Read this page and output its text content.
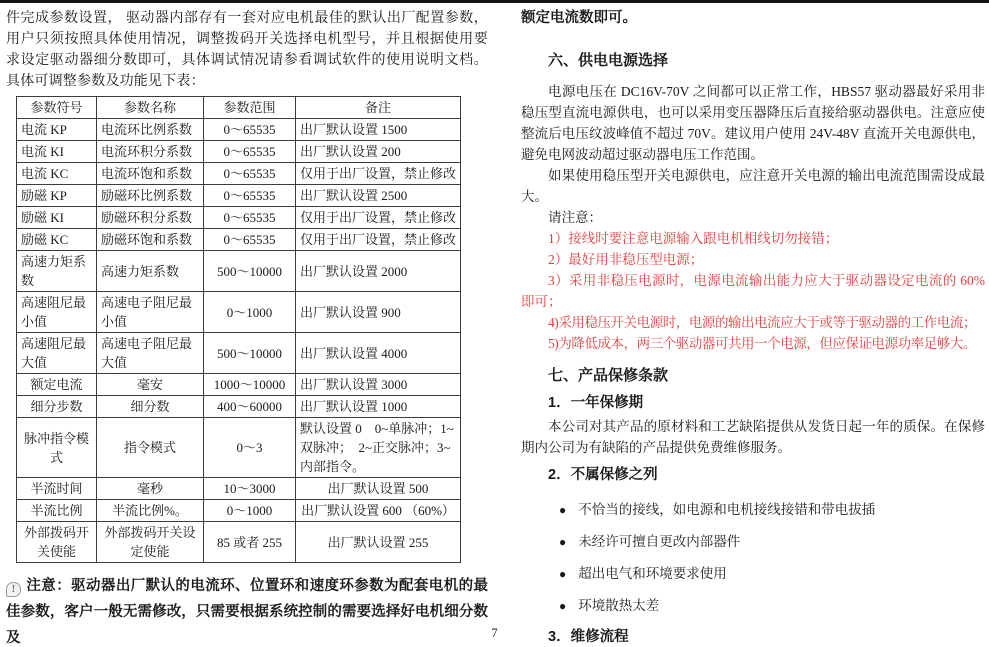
件完成参数设置， 驱动器内部存有一套对应电机最佳的默认出厂配置参数，用户只须按照具体使用情况，调整拨码开关选择电机型号，并且根据使用要求设定驱动器细分数即可，具体调试情况请参看调试软件的使用说明文档。具体可调整参数及功能见下表：

参数符号	参数名称	参数范围	备注
电流 KP	电流环比例系数	0～65535	出厂默认设置 1500
电流 KI	电流环积分系数	0～65535	出厂默认设置 200
电流 KC	电流环饱和系数	0～65535	仅用于出厂设置，禁止修改
励磁 KP	励磁环比例系数	0～65535	出厂默认设置 2500
励磁 KI	励磁环积分系数	0～65535	仅用于出厂设置，禁止修改
励磁 KC	励磁环饱和系数	0～65535	仅用于出厂设置，禁止修改
高速力矩系数	高速力矩系数	500～10000	出厂默认设置 2000
高速阻尼最小值	高速电子阻尼最小值	0～1000	出厂默认设置 900
高速阻尼最大值	高速电子阻尼最大值	500～10000	出厂默认设置 4000
额定电流	毫安	1000～10000	出厂默认设置 3000
细分步数	细分数	400～60000	出厂默认设置 1000
脉冲指令模式	指令模式	0～3	默认设置 0　0~单脉冲；1~双脉冲；　2~正交脉冲；3~内部指令。
半流时间	毫秒	10～3000	出厂默认设置 500
半流比例	半流比例%。	0～1000	出厂默认设置 600 （60%）
外部拨码开关使能	外部拨码开关设定使能	85 或者 255	出厂默认设置 255

! 注意：驱动器出厂默认的电流环、位置环和速度环参数为配套电机的最佳参数，客户一般无需修改，只需要根据系统控制的需要选择好电机细分数及

额定电流数即可。

六、供电电源选择

电源电压在 DC16V-70V 之间都可以正常工作，HBS57 驱动器最好采用非稳压型直流电源供电，也可以采用变压器降压后直接给驱动器供电。注意应使整流后电压纹波峰值不超过 70V。建议用户使用 24V-48V 直流开关电源供电，避免电网波动超过驱动器电压工作范围。

如果使用稳压型开关电源供电，应注意开关电源的输出电流范围需设成最大。

请注意：

1）接线时要注意电源输入跟电机相线切勿接错；
2）最好用非稳压型电源；
3）采用非稳压电源时，电源电流输出能力应大于驱动器设定电流的 60%即可；
4)采用稳压开关电源时，电源的输出电流应大于或等于驱动器的工作电流；
5)为降低成本，两三个驱动器可共用一个电源，但应保证电源功率足够大。
七、产品保修条款
1．一年保修期

本公司对其产品的原材料和工艺缺陷提供从发货日起一年的质保。在保修期内公司为有缺陷的产品提供免费维修服务。

2．不属保修之列
● 不恰当的接线，如电源和电机接线接错和带电拔插
● 未经许可擅自更改内部器件
● 超出电气和环境要求使用
● 环境散热太差
3．维修流程
7
